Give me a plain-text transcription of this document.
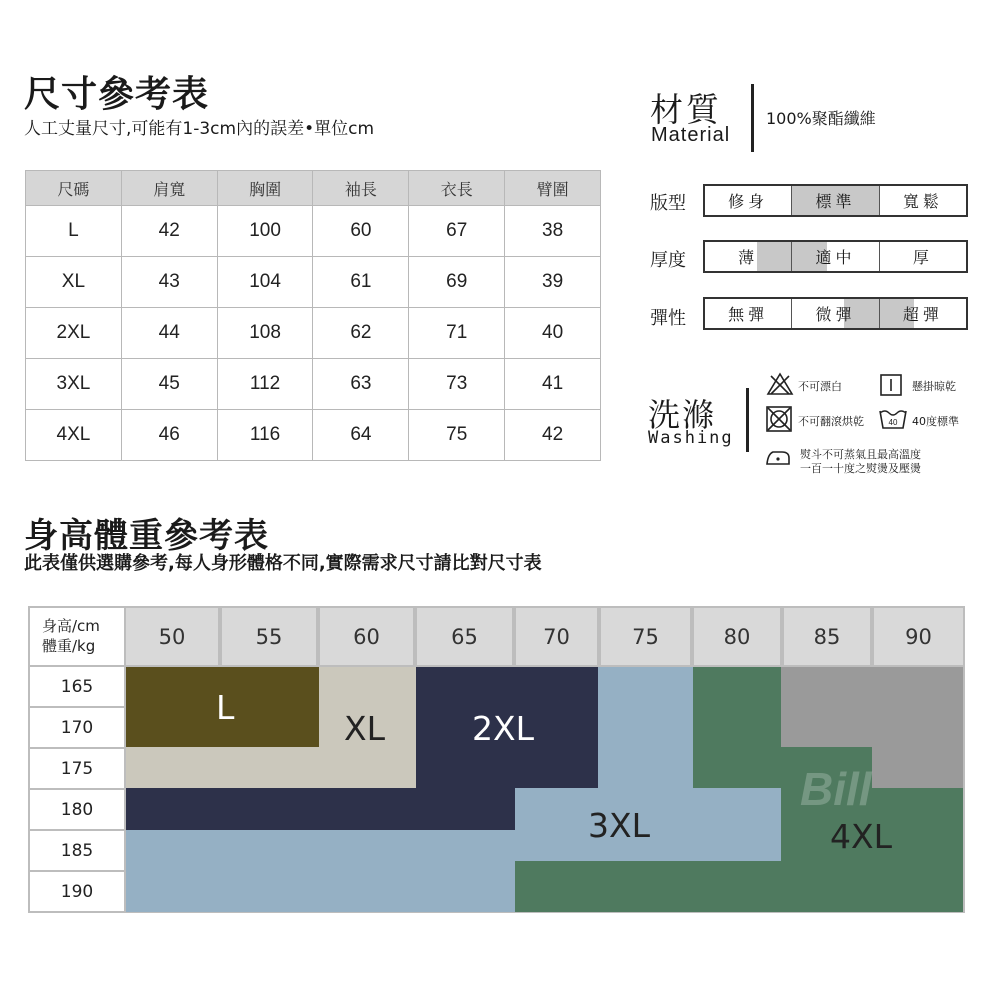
尺寸參考表
人工丈量尺寸,可能有1-3cm內的誤差•單位cm
尺碼	肩寬	胸圍	袖長	衣長	臂圍
L	42	100	60	67	38
XL	43	104	61	69	39
2XL	44	108	62	71	40
3XL	45	112	63	73	41
4XL	46	116	64	75	42
材質
Material
100%聚酯纖維
版型	修身	標準	寬鬆
厚度	薄	適中	厚
彈性	無彈	微彈	超彈
洗滌
Washing
不可漂白	懸掛晾乾
不可翻滾烘乾	40 40度標準
熨斗不可蒸氣且最高溫度
一百一十度之熨燙及壓燙
身高體重參考表
此表僅供選購參考,每人身形體格不同,實際需求尺寸請比對尺寸表
身高/cm
體重/kg	50	55	60	65	70	75	80	85	90
165
170
175
180
185
190
L
XL	2XL
3XL	4XL
Bill
